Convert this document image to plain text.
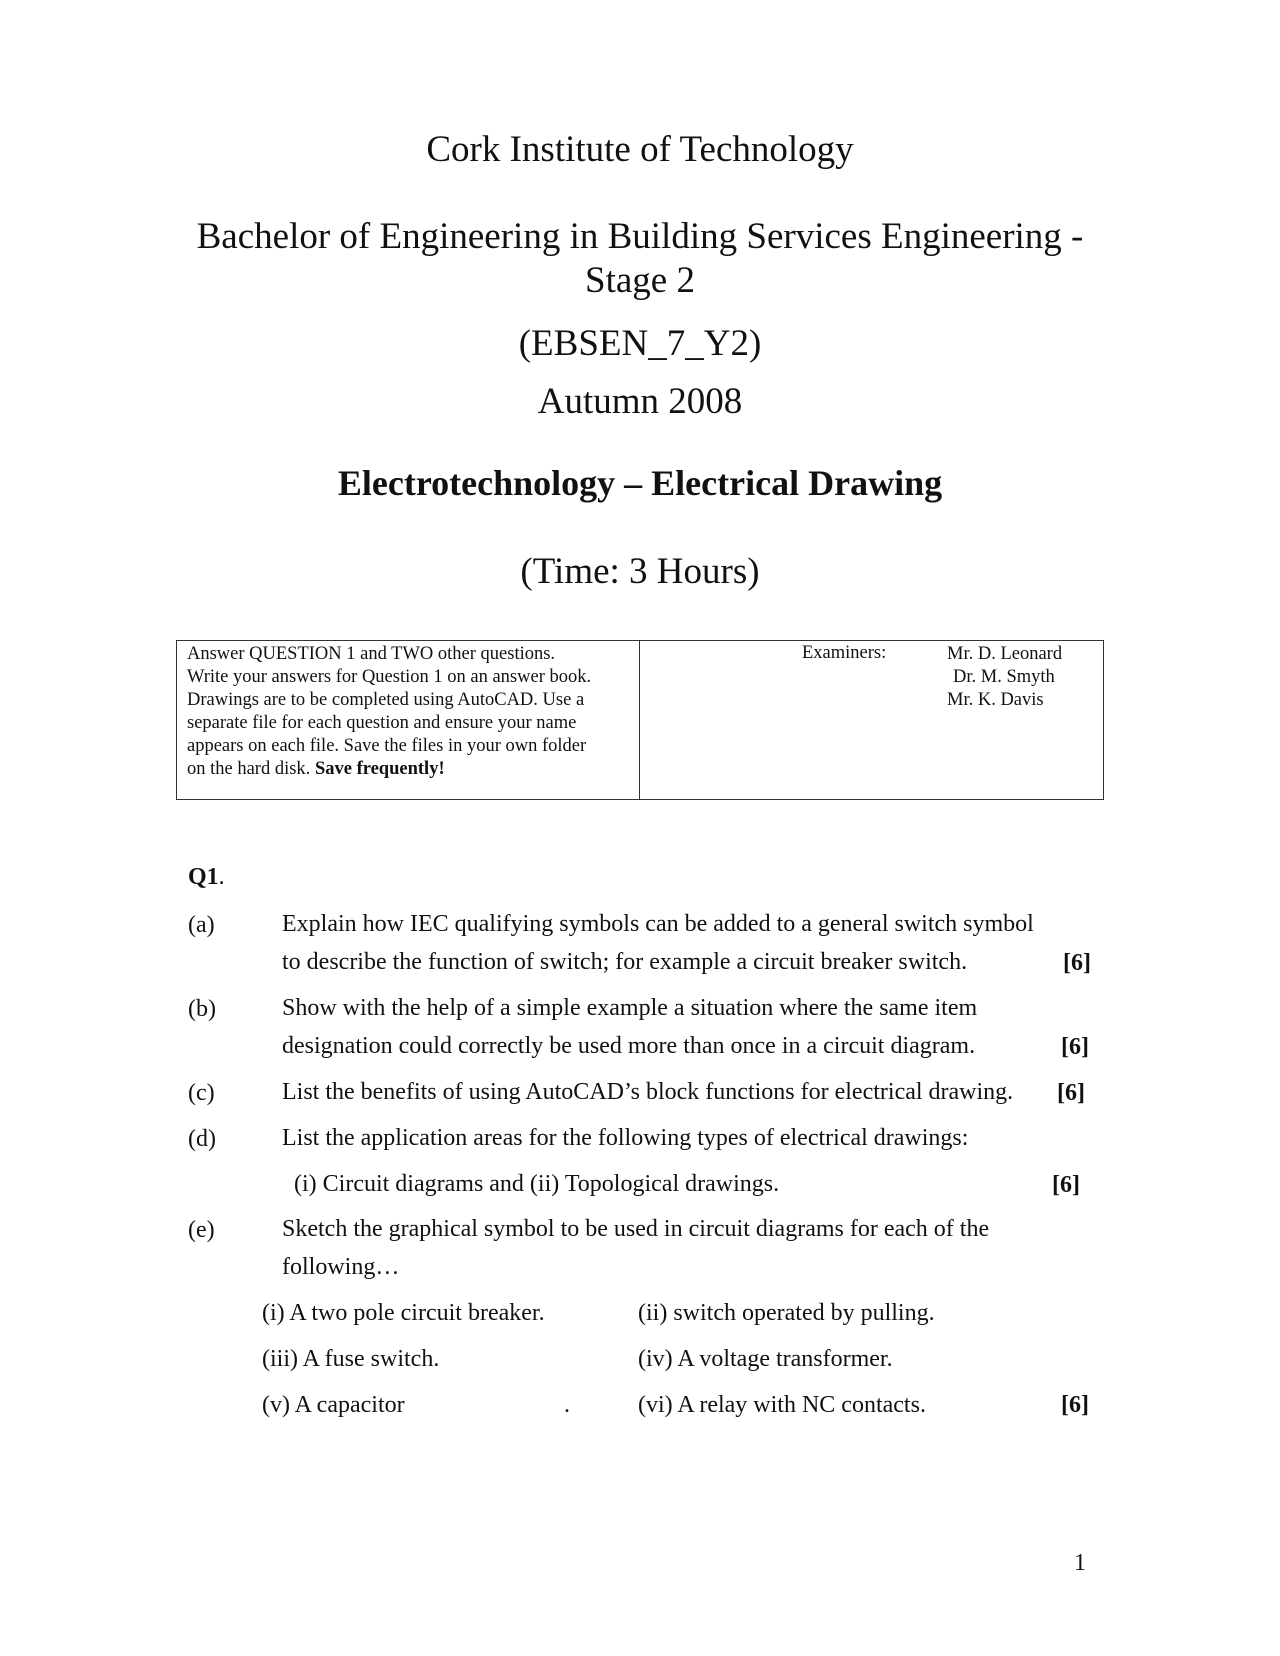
Cork Institute of Technology
Bachelor of Engineering in Building Services Engineering -
Stage 2
(EBSEN_7_Y2)
Autumn 2008
Electrotechnology – Electrical Drawing
(Time: 3 Hours)
Answer QUESTION 1 and TWO other questions.
Write your answers for Question 1 on an answer book.
Drawings are to be completed using AutoCAD. Use a
separate file for each question and ensure your name
appears on each file. Save the files in your own folder
on the hard disk. Save frequently!
Examiners:	Mr. D. Leonard
Dr. M. Smyth
Mr. K. Davis
Q1.
(a)	Explain how IEC qualifying symbols can be added to a general switch symbol
to describe the function of switch; for example a circuit breaker switch.	[6]
(b)	Show with the help of a simple example a situation where the same item
designation could correctly be used more than once in a circuit diagram.	[6]
(c)	List the benefits of using AutoCAD’s block functions for electrical drawing. [6]
(d)	List the application areas for the following types of electrical drawings:
(i) Circuit diagrams and (ii) Topological drawings.	[6]
(e)	Sketch the graphical symbol to be used in circuit diagrams for each of the
following…
(i) A two pole circuit breaker.	(ii) switch operated by pulling.
(iii) A fuse switch.	(iv) A voltage transformer.
(v) A capacitor	.	(vi) A relay with NC contacts.	[6]
1
